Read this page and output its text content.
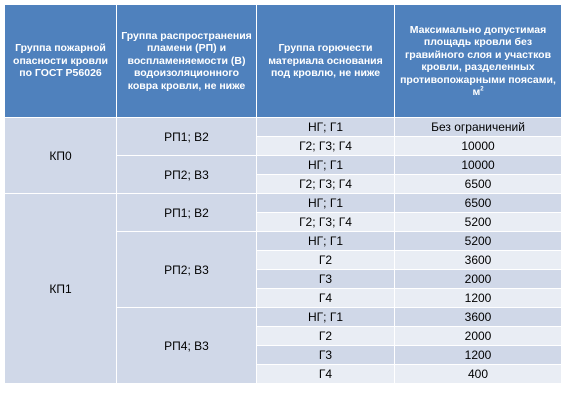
Группа пожарной опасности кровли по ГОСТ Р56026	Группа распространения пламени (РП) и воспламеняемости (В) водоизоляционного ковра кровли, не ниже	Группа горючести материала основания под кровлю, не ниже	Максимально допустимая площадь кровли без гравийного слоя и участков кровли, разделенных противопожарными поясами, $м^2$
КП0	РП1; В2	НГ; Г1	Без ограничений
		Г2; Г3; Г4	10000
	РП2; В3	НГ; Г1	10000
		Г2; Г3; Г4	6500
КП1	РП1; В2	НГ; Г1	6500
		Г2; Г3; Г4	5200
	РП2; В3	НГ; Г1	5200
		Г2	3600
		Г3	2000
		Г4	1200
	РП4; В3	НГ; Г1	3600
		Г2	2000
		Г3	1200
		Г4	400
